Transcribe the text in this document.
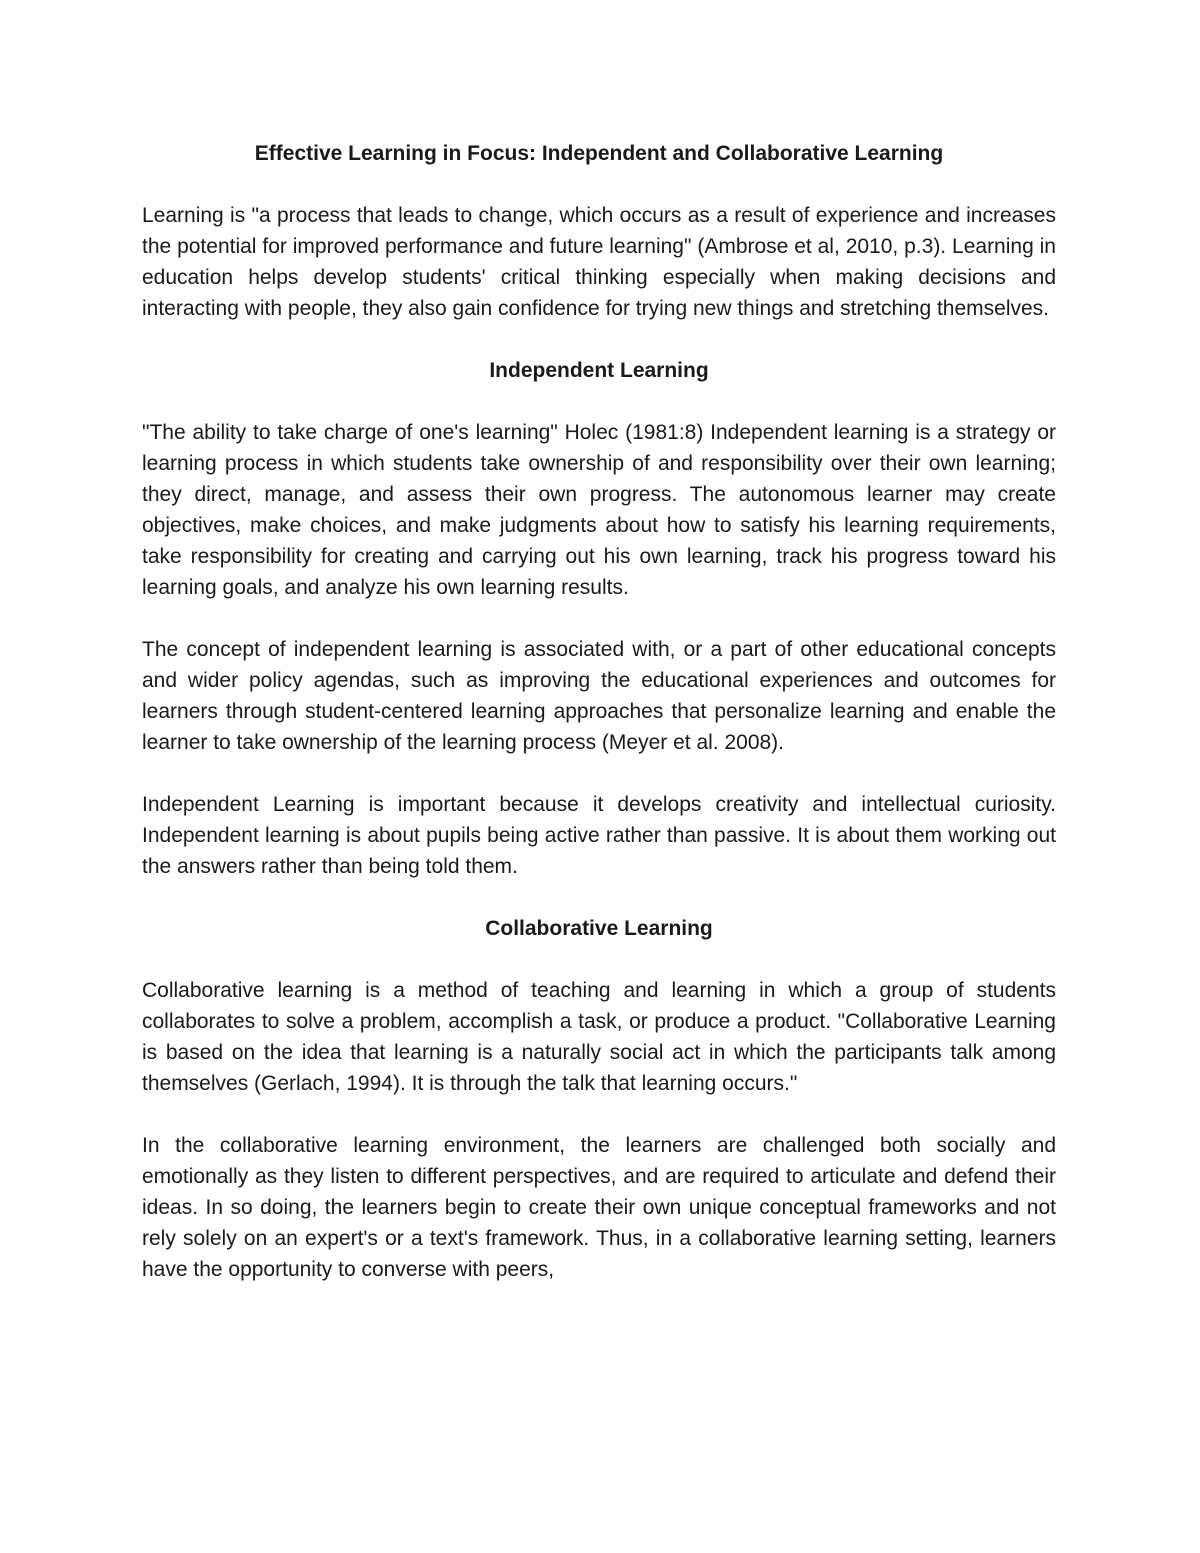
Effective Learning in Focus: Independent and Collaborative Learning

Learning is "a process that leads to change, which occurs as a result of experience and increases the potential for improved performance and future learning" (Ambrose et al, 2010, p.3). Learning in education helps develop students' critical thinking especially when making decisions and interacting with people, they also gain confidence for trying new things and stretching themselves.

Independent Learning

"The ability to take charge of one's learning" Holec (1981:8) Independent learning is a strategy or learning process in which students take ownership of and responsibility over their own learning; they direct, manage, and assess their own progress. The autonomous learner may create objectives, make choices, and make judgments about how to satisfy his learning requirements, take responsibility for creating and carrying out his own learning, track his progress toward his learning goals, and analyze his own learning results.

The concept of independent learning is associated with, or a part of other educational concepts and wider policy agendas, such as improving the educational experiences and outcomes for learners through student-centered learning approaches that personalize learning and enable the learner to take ownership of the learning process (Meyer et al. 2008).

Independent Learning is important because it develops creativity and intellectual curiosity. Independent learning is about pupils being active rather than passive. It is about them working out the answers rather than being told them.

Collaborative Learning

Collaborative learning is a method of teaching and learning in which a group of students collaborates to solve a problem, accomplish a task, or produce a product. "Collaborative Learning is based on the idea that learning is a naturally social act in which the participants talk among themselves (Gerlach, 1994). It is through the talk that learning occurs."

In the collaborative learning environment, the learners are challenged both socially and emotionally as they listen to different perspectives, and are required to articulate and defend their ideas. In so doing, the learners begin to create their own unique conceptual frameworks and not rely solely on an expert's or a text's framework. Thus, in a collaborative learning setting, learners have the opportunity to converse with peers,
